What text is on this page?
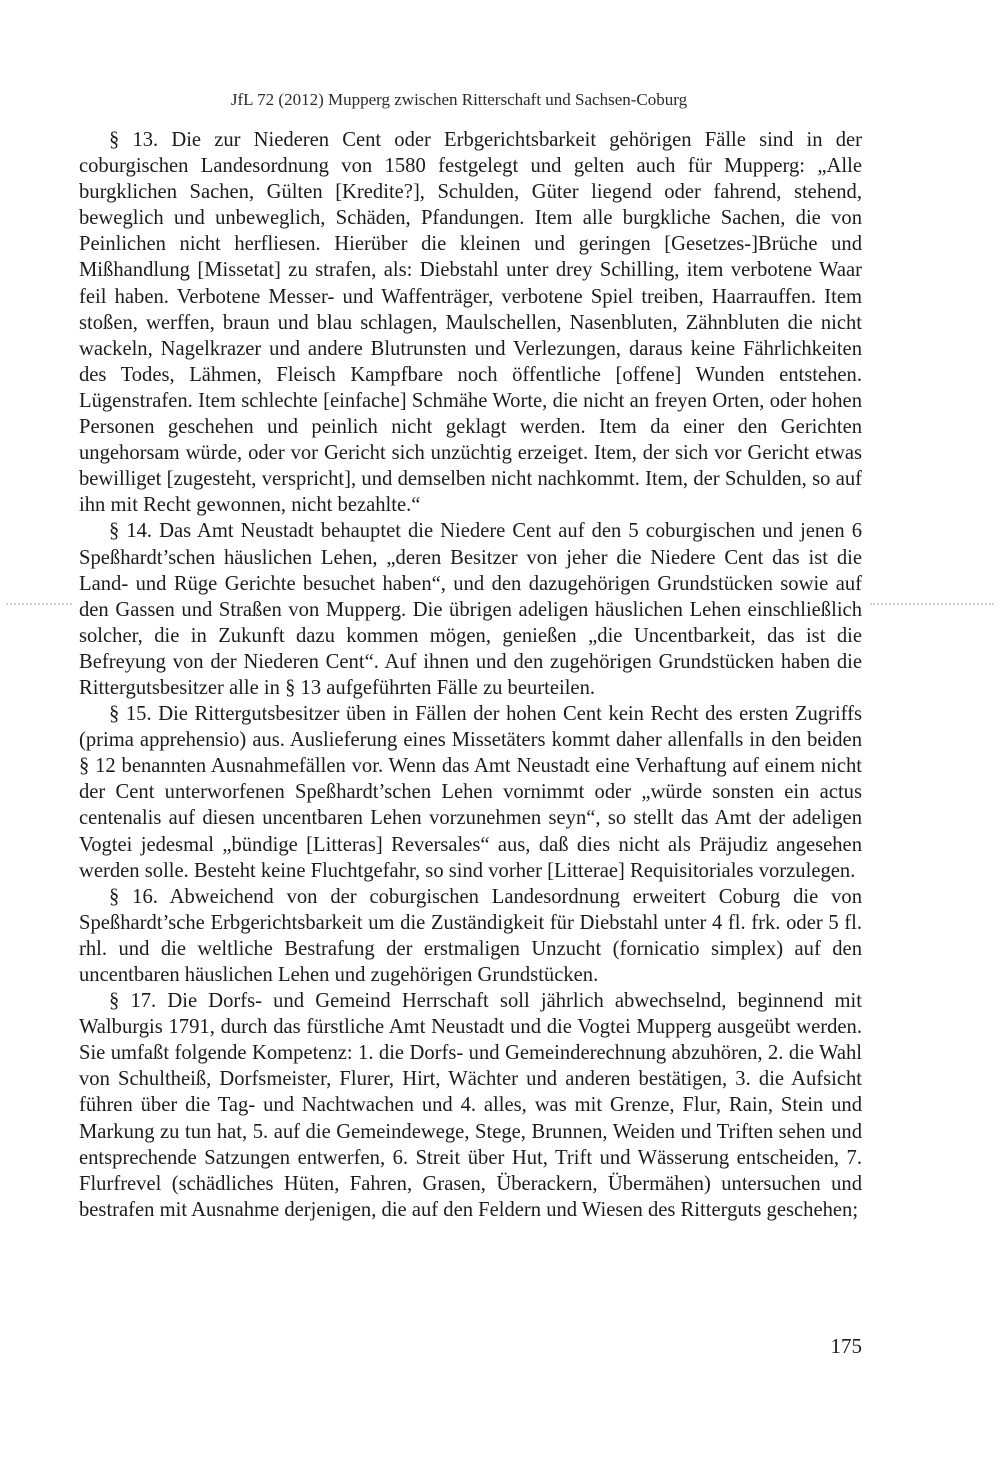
JfL 72 (2012) Mupperg zwischen Ritterschaft und Sachsen-Coburg

§ 13. Die zur Niederen Cent oder Erbgerichtsbarkeit gehörigen Fälle sind in der coburgischen Landesordnung von 1580 festgelegt und gelten auch für Mupperg: „Alle burgklichen Sachen, Gülten [Kredite?], Schulden, Güter liegend oder fahrend, stehend, beweglich und unbeweglich, Schäden, Pfandungen. Item alle burgkliche Sachen, die von Peinlichen nicht herfliesen. Hierüber die kleinen und geringen [Gesetzes-]Brüche und Mißhandlung [Missetat] zu strafen, als: Diebstahl unter drey Schilling, item verbotene Waar feil haben. Verbotene Messer- und Waffenträger, verbotene Spiel treiben, Haarrauffen. Item stoßen, werffen, braun und blau schlagen, Maulschellen, Nasenbluten, Zähnbluten die nicht wackeln, Nagelkrazer und andere Blutrunsten und Verlezungen, daraus keine Fährlichkeiten des Todes, Lähmen, Fleisch Kampfbare noch öffentliche [offene] Wunden entstehen. Lügenstrafen. Item schlechte [einfache] Schmähe Worte, die nicht an freyen Orten, oder hohen Personen geschehen und peinlich nicht geklagt werden. Item da einer den Gerichten ungehorsam würde, oder vor Gericht sich unzüchtig erzeiget. Item, der sich vor Gericht etwas bewilliget [zugesteht, verspricht], und demselben nicht nachkommt. Item, der Schulden, so auf ihn mit Recht gewonnen, nicht bezahlte.“

§ 14. Das Amt Neustadt behauptet die Niedere Cent auf den 5 coburgischen und jenen 6 Speßhardt’schen häuslichen Lehen, „deren Besitzer von jeher die Niedere Cent das ist die Land- und Rüge Gerichte besuchet haben“, und den dazugehörigen Grundstücken sowie auf den Gassen und Straßen von Mupperg. Die übrigen adeligen häuslichen Lehen einschließlich solcher, die in Zukunft dazu kommen mögen, genießen „die Uncentbarkeit, das ist die Befreyung von der Niederen Cent“. Auf ihnen und den zugehörigen Grundstücken haben die Rittergutsbesitzer alle in § 13 aufgeführten Fälle zu beurteilen.

§ 15. Die Rittergutsbesitzer üben in Fällen der hohen Cent kein Recht des ersten Zugriffs (prima apprehensio) aus. Auslieferung eines Missetäters kommt daher allenfalls in den beiden § 12 benannten Ausnahmefällen vor. Wenn das Amt Neustadt eine Verhaftung auf einem nicht der Cent unterworfenen Speßhardt’schen Lehen vornimmt oder „würde sonsten ein actus centenalis auf diesen uncentbaren Lehen vorzunehmen seyn“, so stellt das Amt der adeligen Vogtei jedesmal „bündige [Litteras] Reversales“ aus, daß dies nicht als Präjudiz angesehen werden solle. Besteht keine Fluchtgefahr, so sind vorher [Litterae] Requisitoriales vorzulegen.

§ 16. Abweichend von der coburgischen Landesordnung erweitert Coburg die von Speßhardt’sche Erbgerichtsbarkeit um die Zuständigkeit für Diebstahl unter 4 fl. frk. oder 5 fl. rhl. und die weltliche Bestrafung der erstmaligen Unzucht (fornicatio simplex) auf den uncentbaren häuslichen Lehen und zugehörigen Grundstücken.

§ 17. Die Dorfs- und Gemeind Herrschaft soll jährlich abwechselnd, beginnend mit Walburgis 1791, durch das fürstliche Amt Neustadt und die Vogtei Mupperg ausgeübt werden. Sie umfaßt folgende Kompetenz: 1. die Dorfs- und Gemeinderechnung abzuhören, 2. die Wahl von Schultheiß, Dorfsmeister, Flurer, Hirt, Wächter und anderen bestätigen, 3. die Aufsicht führen über die Tag- und Nachtwachen und 4. alles, was mit Grenze, Flur, Rain, Stein und Markung zu tun hat, 5. auf die Gemeindewege, Stege, Brunnen, Weiden und Triften sehen und entsprechende Satzungen entwerfen, 6. Streit über Hut, Trift und Wässerung entscheiden, 7. Flurfrevel (schädliches Hüten, Fahren, Grasen, Überackern, Übermähen) untersuchen und bestrafen mit Ausnahme derjenigen, die auf den Feldern und Wiesen des Ritterguts geschehen;

175
